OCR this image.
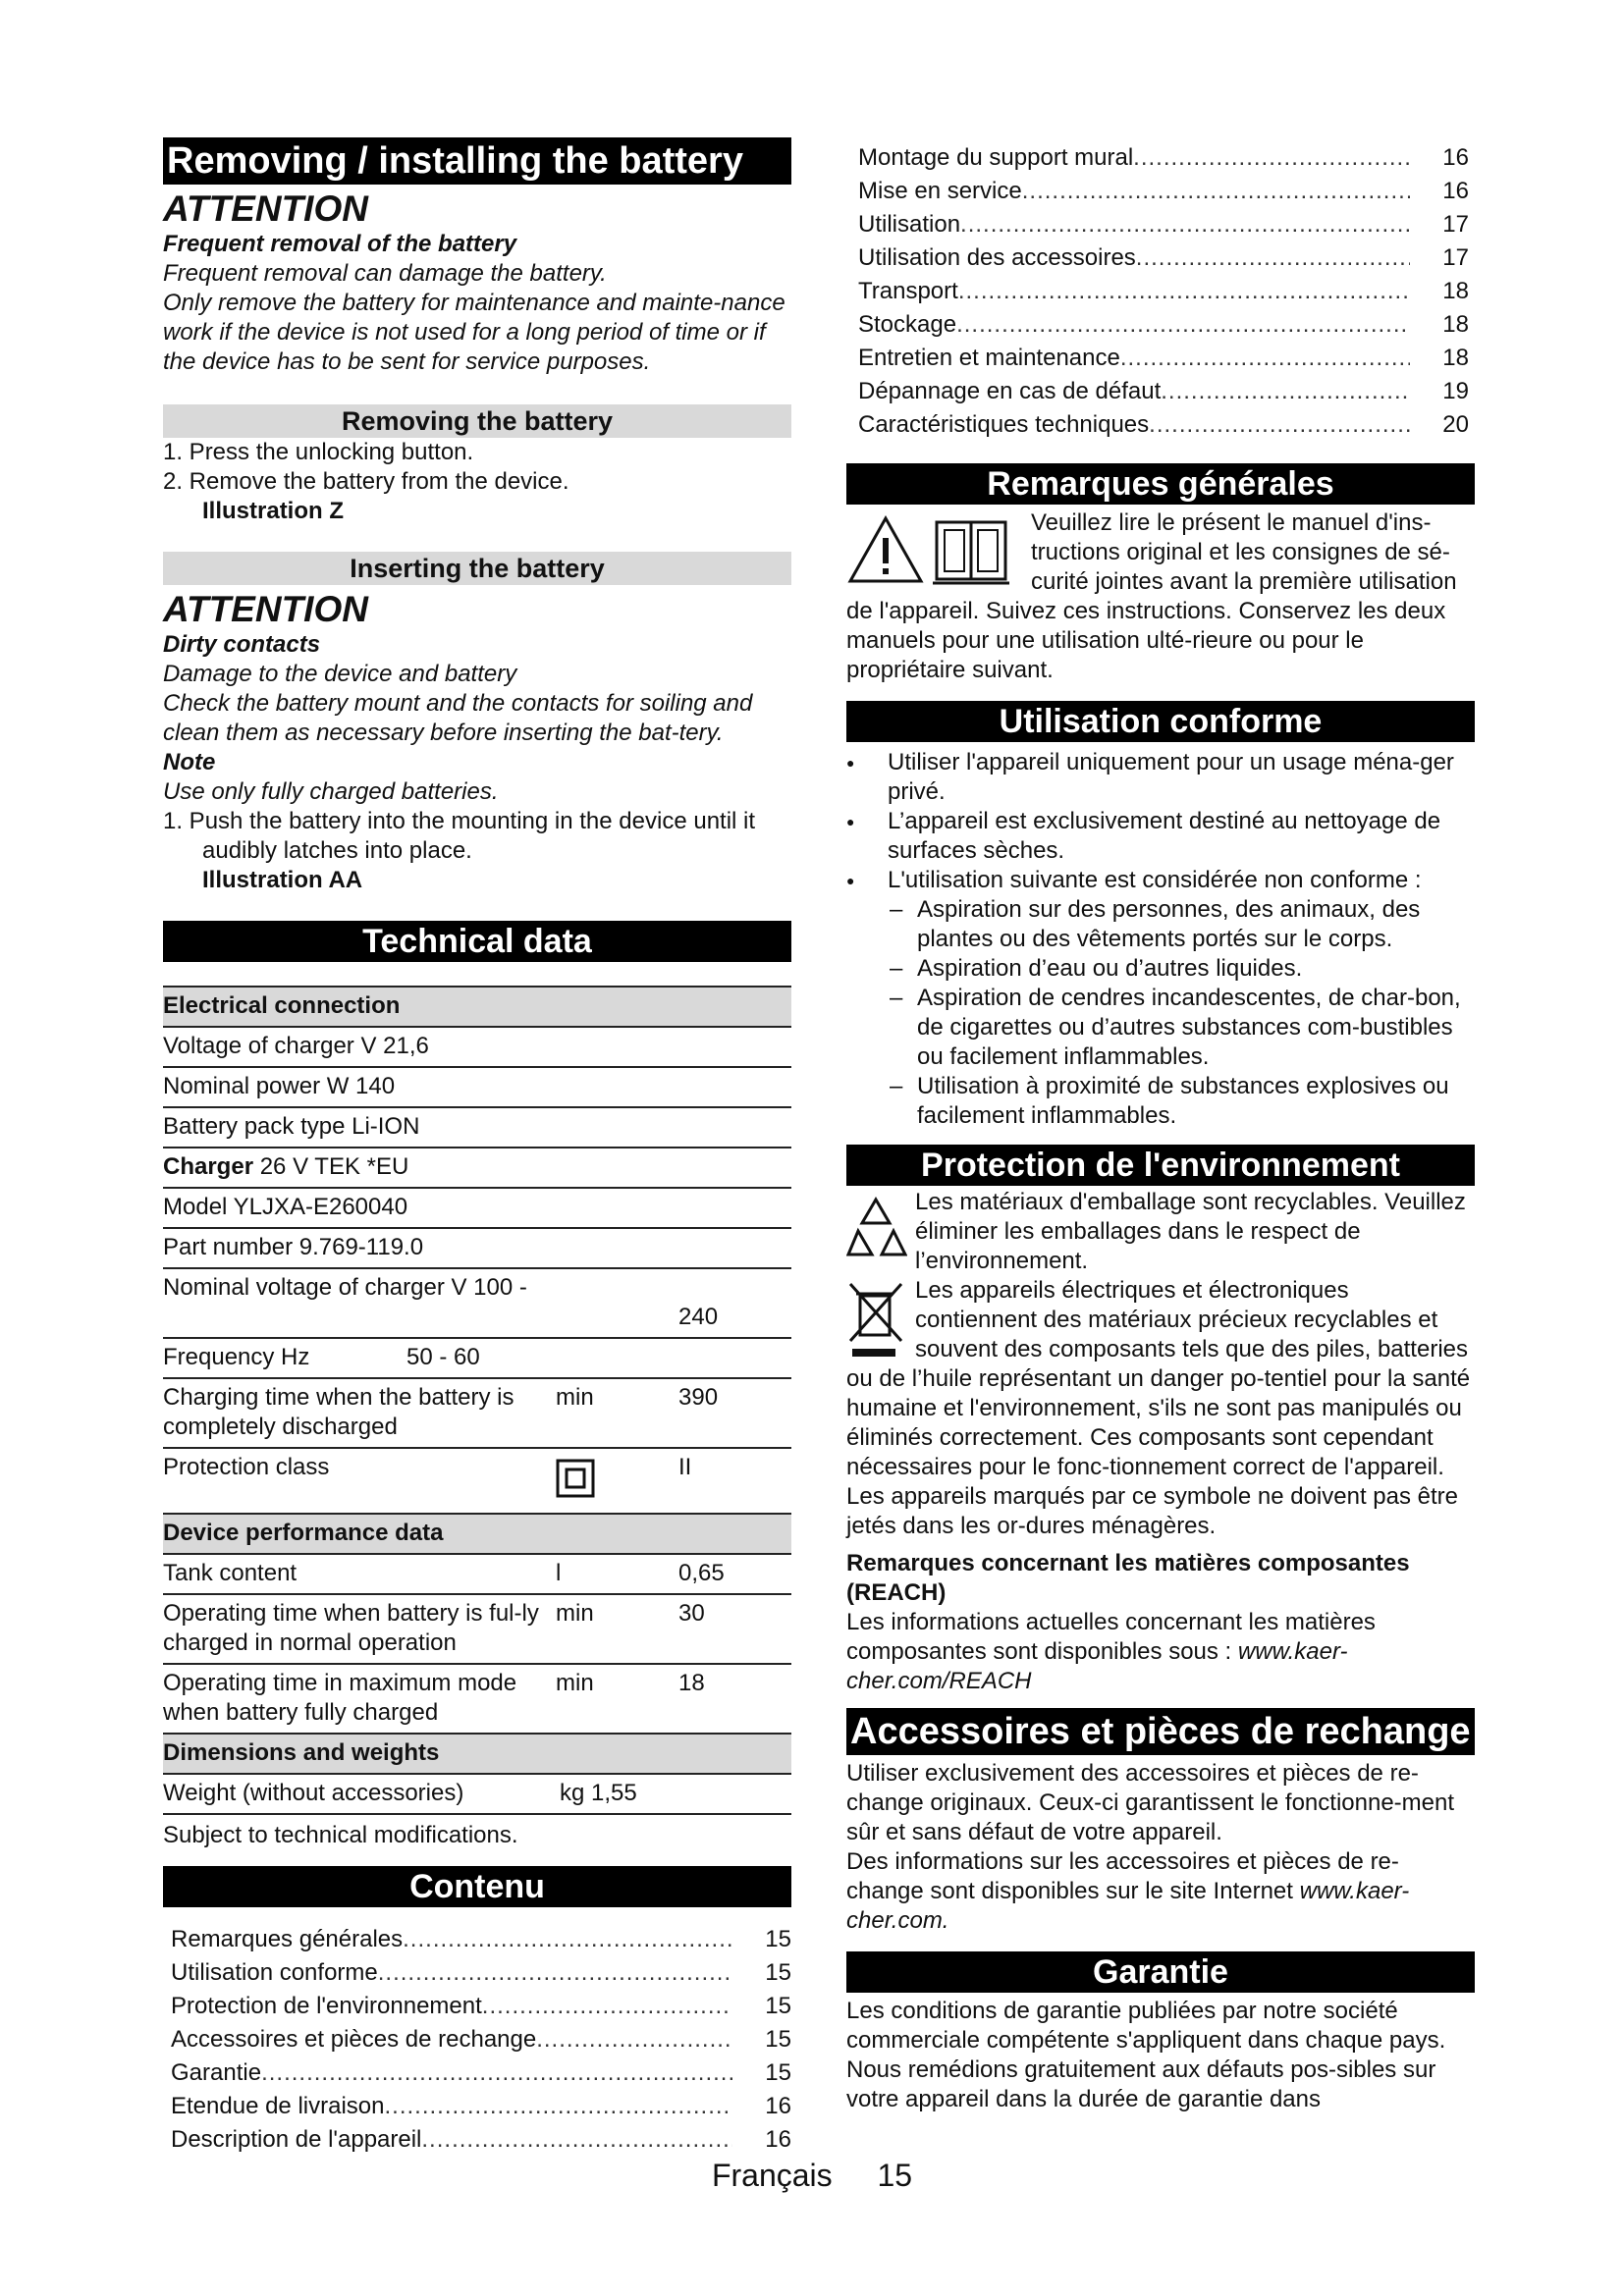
Removing / installing the battery

ATTENTION

Frequent removal of the battery

Frequent removal can damage the battery.

Only remove the battery for maintenance and mainte-nance work if the device is not used for a long period of time or if the device has to be sent for service purposes.

Removing the battery

1. Press the unlocking button.

2. Remove the battery from the device.

Illustration Z

Inserting the battery

ATTENTION

Dirty contacts

Damage to the device and battery

Check the battery mount and the contacts for soiling and clean them as necessary before inserting the bat-tery.

Note

Use only fully charged batteries.

1. Push the battery into the mounting in the device until it audibly latches into place.

Illustration AA

Technical data
Electrical connection		
Voltage of charger V 21,6		
Nominal power W 140		
Battery pack type Li-ION		
Charger 26 V TEK *EU		
Model YLJXA-E260040		
Part number 9.769-119.0		

Nominal voltage of charger V 100 -
240		

Frequency Hz 50 - 60		
Charging time when the battery is completely discharged	min	390
Protection class		II
Device performance data		
Tank content	l	0,65
Operating time when battery is ful-ly charged in normal operation	min	30
Operating time in maximum mode when battery fully charged	min	18
Dimensions and weights		
Weight (without accessories) kg 1,55		

Subject to technical modifications.

Contenu
Remarques générales .....	15
Utilisation conforme .....	15
Protection de l'environnement .....	15
Accessoires et pièces de rechange .....	15
Garantie .....	15
Etendue de livraison .....	16
Description de l'appareil .....	16
Montage du support mural .....	16
Mise en service .....	16
Utilisation .....	17
Utilisation des accessoires .....	17
Transport .....	18
Stockage .....	18
Entretien et maintenance .....	18
Dépannage en cas de défaut .....	19
Caractéristiques techniques .....	20
Remarques générales

Veuillez lire le présent le manuel d'ins-tructions original et les consignes de sé-curité jointes avant la première utilisation de l'appareil. Suivez ces instructions. Conservez les deux manuels pour une utilisation ulté-rieure ou pour le propriétaire suivant.

Utilisation conforme
● Utiliser l'appareil uniquement pour un usage ména-ger privé.
● L’appareil est exclusivement destiné au nettoyage de surfaces sèches.
● L'utilisation suivante est considérée non conforme :
– Aspiration sur des personnes, des animaux, des plantes ou des vêtements portés sur le corps.
– Aspiration d’eau ou d’autres liquides.
– Aspiration de cendres incandescentes, de char-bon, de cigarettes ou d’autres substances com-bustibles ou facilement inflammables.
– Utilisation à proximité de substances explosives ou facilement inflammables.
Protection de l'environnement

Les matériaux d'emballage sont recyclables. Veuillez éliminer les emballages dans le respect de l’environnement.

Les appareils électriques et électroniques contiennent des matériaux précieux recyclables et souvent des composants tels que des piles, batteries ou de l’huile représentant un danger po-tentiel pour la santé humaine et l'environnement, s'ils ne sont pas manipulés ou éliminés correctement. Ces composants sont cependant nécessaires pour le fonc-tionnement correct de l'appareil. Les appareils marqués par ce symbole ne doivent pas être jetés dans les or-dures ménagères.

Remarques concernant les matières composantes (REACH)

Les informations actuelles concernant les matières composantes sont disponibles sous : www.kaer-cher.com/REACH

Accessoires et pièces de rechange

Utiliser exclusivement des accessoires et pièces de re-change originaux. Ceux-ci garantissent le fonctionne-ment sûr et sans défaut de votre appareil.

Des informations sur les accessoires et pièces de re-change sont disponibles sur le site Internet www.kaer-cher.com.

Garantie

Les conditions de garantie publiées par notre société commerciale compétente s'appliquent dans chaque pays. Nous remédions gratuitement aux défauts pos-sibles sur votre appareil dans la durée de garantie dans

Français 15
